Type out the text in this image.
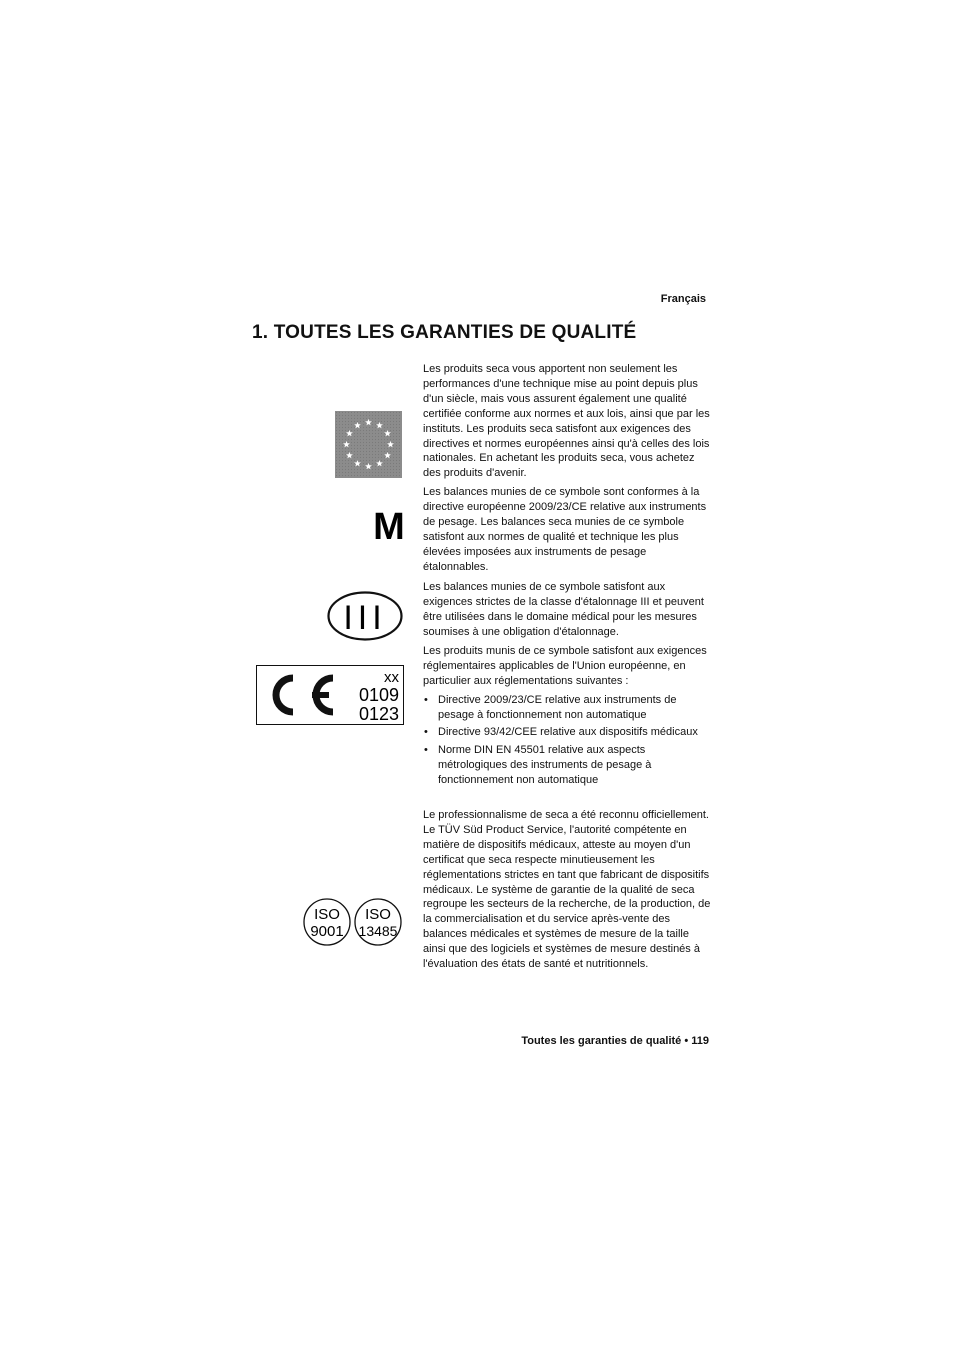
Français
1. TOUTES LES GARANTIES DE QUALITÉ
M
III
xx
0109
0123
ISO
9001
ISO
13485

Les produits seca vous apportent non seulement les performances d'une technique mise au point depuis plus d'un siècle, mais vous assurent également une qualité certifiée conforme aux normes et aux lois, ainsi que par les instituts. Les produits seca satisfont aux exigences des directives et normes européennes ainsi qu'à celles des lois nationales. En achetant les produits seca, vous achetez des produits d'avenir.

Les balances munies de ce symbole sont conformes à la directive européenne 2009/23/CE relative aux instruments de pesage. Les balances seca munies de ce symbole satisfont aux normes de qualité et technique les plus élevées imposées aux instruments de pesage étalonnables.

Les balances munies de ce symbole satisfont aux exigences strictes de la classe d'étalonnage III et peuvent être utilisées dans le domaine médical pour les mesures soumises à une obligation d'étalonnage.

Les produits munis de ce symbole satisfont aux exigences réglementaires applicables de l'Union européenne, en particulier aux réglementations suivantes :

• Directive 2009/23/CE relative aux instruments de pesage à fonctionnement non automatique
• Directive 93/42/CEE relative aux dispositifs médicaux
• Norme DIN EN 45501 relative aux aspects métrologiques des instruments de pesage à fonctionnement non automatique

Le professionnalisme de seca a été reconnu officiellement. Le TÜV Süd Product Service, l'autorité compétente en matière de dispositifs médicaux, atteste au moyen d'un certificat que seca respecte minutieusement les réglementations strictes en tant que fabricant de dispositifs médicaux. Le système de garantie de la qualité de seca regroupe les secteurs de la recherche, de la production, de la commercialisation et du service après-vente des balances médicales et systèmes de mesure de la taille ainsi que des logiciels et systèmes de mesure destinés à l'évaluation des états de santé et nutritionnels.

Toutes les garanties de qualité • 119
